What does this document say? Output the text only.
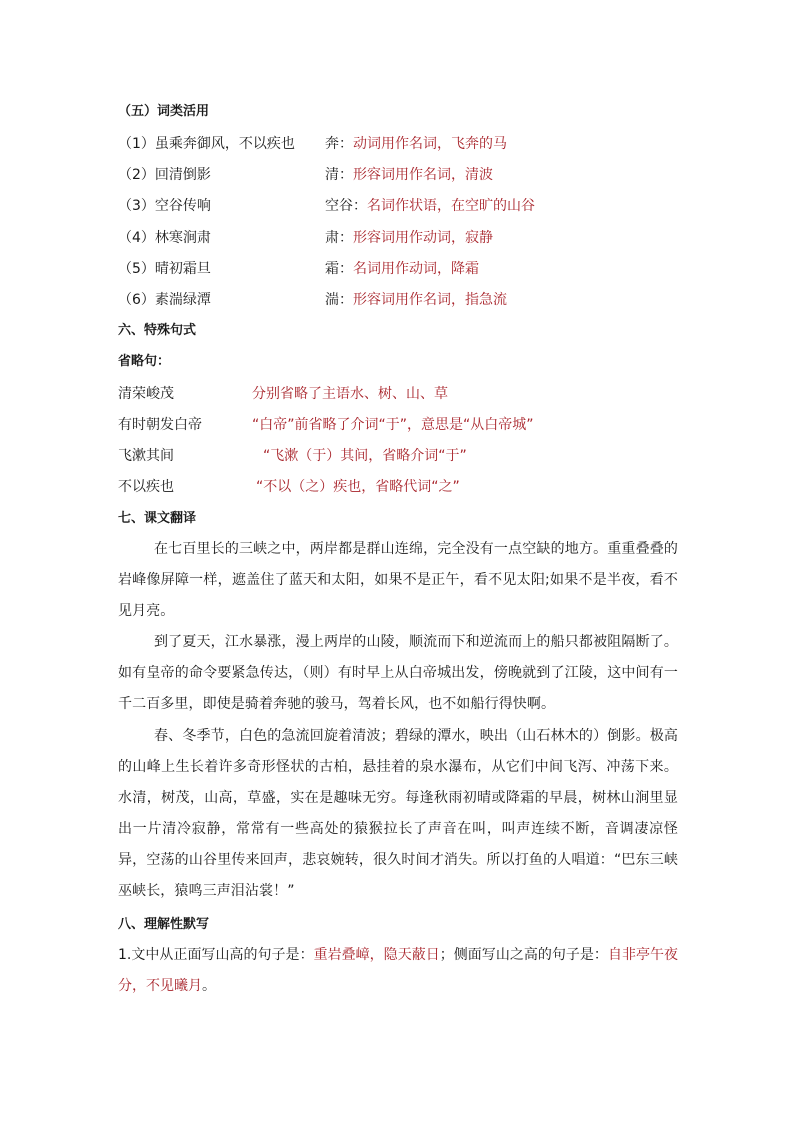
（五）词类活用
（1）虽乘奔御风，不以疾也 奔：动词用作名词，飞奔的马
（2）回清倒影	清：形容词用作名词，清波
（3）空谷传响	空谷：名词作状语，在空旷的山谷
（4）林寒涧肃	肃：形容词用作动词，寂静
（5）晴初霜旦	霜：名词用作动词，降霜
（6）素湍绿潭	湍：形容词用作名词，指急流
六、特殊句式
省略句：
清荣峻茂	分别省略了主语水、树、山、草
有时朝发白帝	“白帝”前省略了介词“于”，意思是“从白帝城”
飞漱其间	“飞漱（于）其间，省略介词“于”
不以疾也	“不以（之）疾也，省略代词“之”
七、课文翻译
在七百里长的三峡之中，两岸都是群山连绵，完全没有一点空缺的地方。重重叠叠的岩峰像屏障一样，遮盖住了蓝天和太阳，如果不是正午，看不见太阳;如果不是半夜，看不见月亮。
到了夏天，江水暴涨，漫上两岸的山陵，顺流而下和逆流而上的船只都被阻隔断了。如有皇帝的命令要紧急传达，（则）有时早上从白帝城出发，傍晚就到了江陵，这中间有一千二百多里，即使是骑着奔驰的骏马，驾着长风，也不如船行得快啊。
春、冬季节，白色的急流回旋着清波；碧绿的潭水，映出（山石林木的）倒影。极高的山峰上生长着许多奇形怪状的古柏，悬挂着的泉水瀑布，从它们中间飞泻、冲荡下来。水清，树茂，山高，草盛，实在是趣味无穷。每逢秋雨初晴或降霜的早晨，树林山涧里显出一片清冷寂静，常常有一些高处的猿猴拉长了声音在叫，叫声连续不断，音调凄凉怪异，空荡的山谷里传来回声，悲哀婉转，很久时间才消失。所以打鱼的人唱道：“巴东三峡巫峡长，猿鸣三声泪沾裳！”
八、理解性默写
1.文中从正面写山高的句子是：重岩叠嶂，隐天蔽日；侧面写山之高的句子是：自非亭午夜分，不见曦月。
